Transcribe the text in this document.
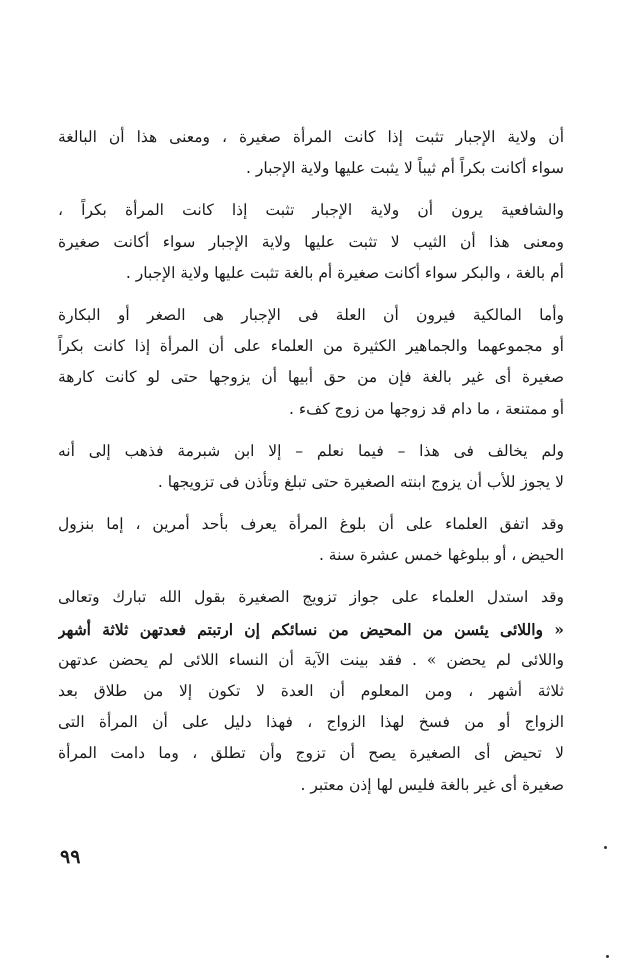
أن ولاية الإجبار تثبت إذا كانت المرأة صغيرة ، ومعنى هذا أن البالغة
سواء أكانت بكراً أم ثيباً لا يثبت عليها ولاية الإجبار .
والشافعية يرون أن ولاية الإجبار تثبت إذا كانت المرأة بكراً ،
ومعنى هذا أن الثيب لا تثبت عليها ولاية الإجبار سواء أكانت صغيرة
أم بالغة ، والبكر سواء أكانت صغيرة أم بالغة تثبت عليها ولاية الإجبار .
وأما المالكية فيرون أن العلة فى الإجبار هى الصغر أو البكارة
أو مجموعهما والجماهير الكثيرة من العلماء على أن المرأة إذا كانت بكراً
صغيرة أى غير بالغة فإن من حق أبيها أن يزوجها حتى لو كانت كارهة
أو ممتنعة ، ما دام قد زوجها من زوج كفء .
ولم يخالف فى هذا – فيما نعلم – إلا ابن شبرمة فذهب إلى أنه
لا يجوز للأب أن يزوج ابنته الصغيرة حتى تبلغ وتأذن فى تزويجها .
وقد اتفق العلماء على أن بلوغ المرأة يعرف بأحد أمرين ، إما بنزول
الحيض ، أو ببلوغها خمس عشرة سنة .
وقد استدل العلماء على جواز تزويج الصغيرة بقول الله تبارك وتعالى
« واللائى يئسن من المحيض من نسائكم إن ارتبتم فعدتهن ثلاثة أشهر
واللائى لم يحضن » . فقد بينت الآية أن النساء اللائى لم يحضن عدتهن
ثلاثة أشهر ، ومن المعلوم أن العدة لا تكون إلا من طلاق بعد
الزواج أو من فسخ لهذا الزواج ، فهذا دليل على أن المرأة التى
لا تحيض أى الصغيرة يصح أن تزوج وأن تطلق ، وما دامت المرأة
صغيرة أى غير بالغة فليس لها إذن معتبر .
٩٩
